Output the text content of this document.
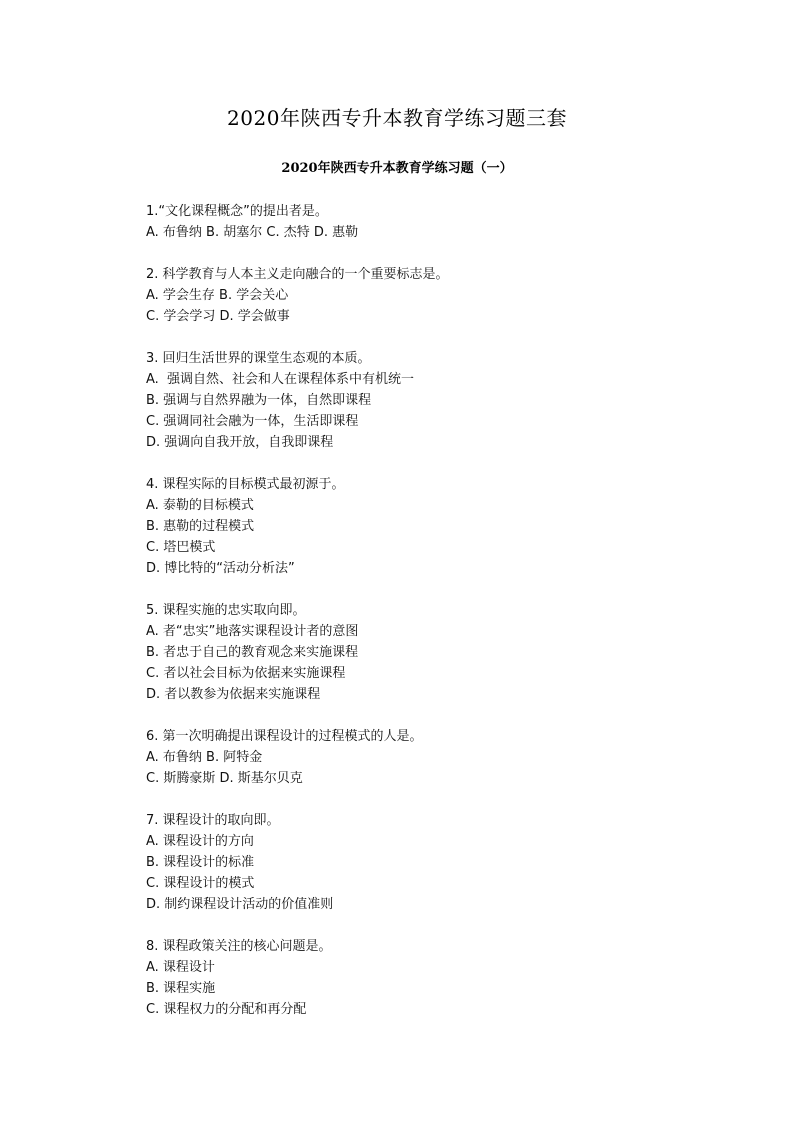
2020年陕西专升本教育学练习题三套
2020年陕西专升本教育学练习题（一）
1.“文化课程概念”的提出者是。
A. 布鲁纳 B. 胡塞尔 C. 杰特 D. 惠勒
2. 科学教育与人本主义走向融合的一个重要标志是。
A. 学会生存 B. 学会关心
C. 学会学习 D. 学会做事
3. 回归生活世界的课堂生态观的本质。
A.  强调自然、社会和人在课程体系中有机统一
B. 强调与自然界融为一体，自然即课程
C. 强调同社会融为一体，生活即课程
D. 强调向自我开放，自我即课程
4. 课程实际的目标模式最初源于。
A. 泰勒的目标模式
B. 惠勒的过程模式
C. 塔巴模式
D. 博比特的“活动分析法”
5. 课程实施的忠实取向即。
A. 者“忠实”地落实课程设计者的意图
B. 者忠于自己的教育观念来实施课程
C. 者以社会目标为依据来实施课程
D. 者以教参为依据来实施课程
6. 第一次明确提出课程设计的过程模式的人是。
A. 布鲁纳 B. 阿特金
C. 斯腾豪斯 D. 斯基尔贝克
7. 课程设计的取向即。
A. 课程设计的方向
B. 课程设计的标准
C. 课程设计的模式
D. 制约课程设计活动的价值准则
8. 课程政策关注的核心问题是。
A. 课程设计
B. 课程实施
C. 课程权力的分配和再分配
